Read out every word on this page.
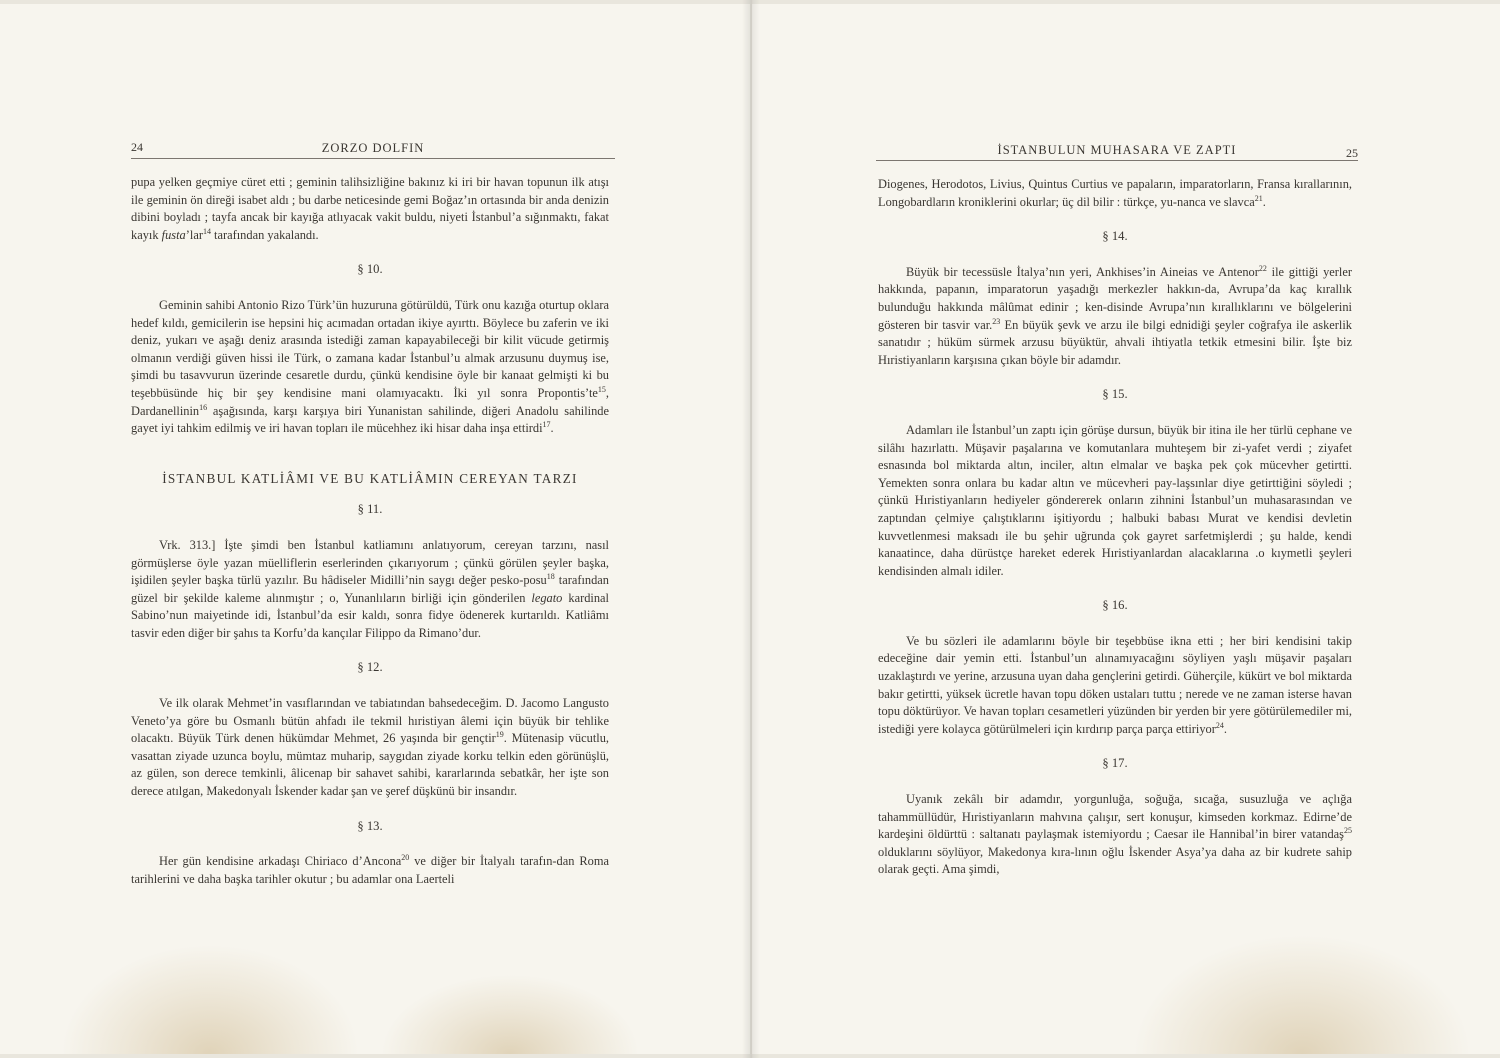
24	ZORZO DOLFIN

pupa yelken geçmiye cüret etti ; geminin talihsizliğine bakınız ki iri bir havan topunun ilk atışı ile geminin ön direği isabet aldı ; bu darbe neticesinde gemi Boğaz’ın ortasında bir anda denizin dibini boyladı ; tayfa ancak bir kayığa atlıyacak vakit buldu, niyeti İstanbul’a sığınmaktı, fakat kayık fusta’lar$^{14}$ tarafından yakalandı.

§ 10.

Geminin sahibi Antonio Rizo Türk’ün huzuruna götürüldü, Türk onu kazığa oturtup oklara hedef kıldı, gemicilerin ise hepsini hiç acımadan ortadan ikiye ayırttı. Böylece bu zaferin ve iki deniz, yukarı ve aşağı deniz arasında istediği zaman kapayabileceği bir kilit vücude getirmiş olmanın verdiği güven hissi ile Türk, o zamana kadar İstanbul’u almak arzusunu duymuş ise, şimdi bu tasavvurun üzerinde cesaretle durdu, çünkü kendisine öyle bir kanaat gelmişti ki bu teşebbüsünde hiç bir şey kendisine mani olamıyacaktı. İki yıl sonra $Propontis’te^{15}$, Dardanellinin$^{16}$ aşağısında, karşı karşıya biri Yunanistan sahilinde, diğeri Anadolu sahilinde gayet iyi tahkim edilmiş ve iri havan topları ile mücehhez iki hisar daha inşa ettirdi$^{17}$.

İSTANBUL KATLİÂMI VE BU KATLİÂMIN CEREYAN TARZI
§ 11.

Vrk. 313.] İşte şimdi ben İstanbul katliamını anlatıyorum, cereyan tarzını, nasıl görmüşlerse öyle yazan müelliflerin eserlerinden çıkarıyorum ; çünkü görülen şeyler başka, işidilen şeyler başka türlü yazılır. Bu hâdiseler Midilli’nin saygı değer pesko-posu$^{18}$ tarafından güzel bir şekilde kaleme alınmıştır ; o, Yunanlıların birliği için gönderilen legato kardinal Sabino’nun maiyetinde idi, İstanbul’da esir kaldı, sonra fidye ödenerek kurtarıldı. Katliâmı tasvir eden diğer bir şahıs ta Korfu’da kançılar Filippo da Rimano’dur.

§ 12.

Ve ilk olarak Mehmet’in vasıflarından ve tabiatından bahsedeceğim. D. Jacomo Langusto Veneto’ya göre bu Osmanlı bütün ahfadı ile tekmil hıristiyan âlemi için büyük bir tehlike olacaktı. Büyük Türk denen hükümdar Mehmet, 26 yaşında bir gençtir$^{19}$. Mütenasip vücutlu, vasattan ziyade uzunca boylu, mümtaz muharip, saygıdan ziyade korku telkin eden görünüşlü, az gülen, son derece temkinli, âlicenap bir sahavet sahibi, kararlarında sebatkâr, her işte son derece atılgan, Makedonyalı İskender kadar şan ve şeref düşkünü bir insandır.

§ 13.

Her gün kendisine arkadaşı Chiriaco d’Ancona$^{20}$ ve diğer bir İtalyalı tarafın-dan Roma tarihlerini ve daha başka tarihler okutur ; bu adamlar ona Laerteli

İSTANBULUN MUHASARA VE ZAPTI	25

Diogenes, Herodotos, Livius, Quintus Curtius ve papaların, imparatorların, Fransa kırallarının, Longobardların kroniklerini okurlar; üç dil bilir : türkçe, yu-nanca ve slavca$^{21}$.

§ 14.

Büyük bir tecessüsle İtalya’nın yeri, Ankhises’in Aineias ve Antenor$^{22}$ ile gittiği yerler hakkında, papanın, imparatorun yaşadığı merkezler hakkın-da, Avrupa’da kaç kırallık bulunduğu hakkında mâlûmat edinir ; ken-disinde Avrupa’nın kırallıklarını ve bölgelerini gösteren bir tasvir var.$^{23}$ En büyük şevk ve arzu ile bilgi ednidiği şeyler coğrafya ile askerlik sanatıdır ; hüküm sürmek arzusu büyüktür, ahvali ihtiyatla tetkik etmesini bilir. İşte biz Hıristiyanların karşısına çıkan böyle bir adamdır.

§ 15.

Adamları ile İstanbul’un zaptı için görüşe dursun, büyük bir itina ile her türlü cephane ve silâhı hazırlattı. Müşavir paşalarına ve komutanlara muhteşem bir zi-yafet verdi ; ziyafet esnasında bol miktarda altın, inciler, altın elmalar ve başka pek çok mücevher getirtti. Yemekten sonra onlara bu kadar altın ve mücevheri pay-laşsınlar diye getirttiğini söyledi ; çünkü Hıristiyanların hediyeler göndererek onların zihnini İstanbul’un muhasarasından ve zaptından çelmiye çalıştıklarını işitiyordu ; halbuki babası Murat ve kendisi devletin kuvvetlenmesi maksadı ile bu şehir uğrunda çok gayret sarfetmişlerdi ; şu halde, kendi kanaatince, daha dürüstçe hareket ederek Hıristiyanlardan alacaklarına .o kıymetli şeyleri kendisinden almalı idiler.

§ 16.

Ve bu sözleri ile adamlarını böyle bir teşebbüse ikna etti ; her biri kendisini takip edeceğine dair yemin etti. İstanbul’un alınamıyacağını söyliyen yaşlı müşavir paşaları uzaklaştırdı ve yerine, arzusuna uyan daha gençlerini getirdi. Güherçile, kükürt ve bol miktarda bakır getirtti, yüksek ücretle havan topu döken ustaları tuttu ; nerede ve ne zaman isterse havan topu döktürüyor. Ve havan topları cesametleri yüzünden bir yerden bir yere götürülemediler mi, istediği yere kolayca götürülmeleri için kırdırıp parça parça ettiriyor$^{24}$.

§ 17.

Uyanık zekâlı bir adamdır, yorgunluğa, soğuğa, sıcağa, susuzluğa ve açlığa tahammüllüdür, Hıristiyanların mahvına çalışır, sert konuşur, kimseden korkmaz. Edirne’de kardeşini öldürttü : saltanatı paylaşmak istemiyordu ; Caesar ile Hannibal’in birer vatandaş$^{25}$ olduklarını söylüyor, Makedonya kıra-lının oğlu İskender Asya’ya daha az bir kudrete sahip olarak geçti. Ama şimdi,
